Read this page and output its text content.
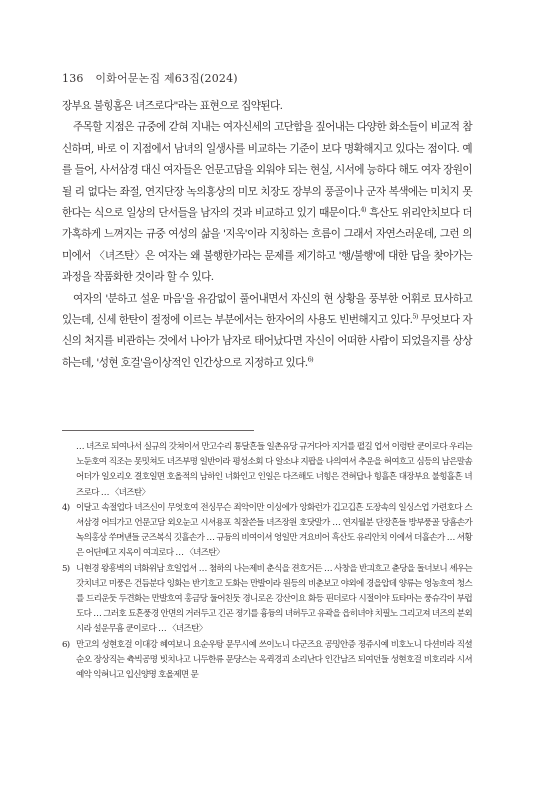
136 이화어문논집 제63집(2024)

장부요 불힝홈은 녀즈로다"라는 표현으로 집약된다.

주목할 지점은 규중에 갇혀 지내는 여자신세의 고단함을 짚어내는 다양한 화소들이 비교적 참신하며, 바로 이 지점에서 남녀의 일생사를 비교하는 기준이 보다 명확해지고 있다는 점이다. 예를 들어, 사서삼경 대신 여자들은 언문고담을 외워야 되는 현실, 시서에 능하다 해도 여자 장원이 될 리 없다는 좌절, 연지단장 녹의홍상의 미모 치장도 장부의 풍골이나 군자 복색에는 미치지 못한다는 식으로 일상의 단서들을 남자의 것과 비교하고 있기 때문이다.$^{4)}$ 흑산도 위리안치보다 더 가혹하게 느껴지는 규중 여성의 삶을 '지옥'이라 지칭하는 흐름이 그래서 자연스러운데, 그런 의미에서 〈녀즈탄〉은 여자는 왜 불행한가라는 문제를 제기하고 '행/불행'에 대한 답을 찾아가는 과정을 작품화한 것이라 할 수 있다.

여자의 '분하고 설운 마음'을 유감없이 풀어내면서 자신의 현 상황을 풍부한 어휘로 묘사하고 있는데, 신세 한탄이 절정에 이르는 부분에서는 한자어의 사용도 빈번해지고 있다.$^{5)}$ 무엇보다 자신의 처지를 비관하는 것에서 나아가 남자로 태어났다면 자신이 어떠한 사람이 되었을지를 상상하는데, '성현 호걸'을이상적인 인간상으로 지정하고 있다.$^{6)}$

… 녀즈로 되여나서 실규의 갓쳐이셔 만고수리 통달흔들 일촌유당 규거다아 지거를 펼길 업셔 이렁탄 쿤이로다 우리는 노둔호여 직조는 못밋쳐도 녀즈부명 일반이라 평성소회 다 알소냐 지팝을 나의여셔 추운을 혀여흐고 심등의 남은말솜 어더가 일오리오 결호일면 호올적의 남하인 너화인고 인일은 다즈해도 너힝은 견혀답나 힝흘흔 대장부요 불힝흘흔 녀즈로다 … 〈녀즈탄〉
4) 이달고 속절업다 녀즈신이 무엇호여 전싱무슨 죄악이만 이싱에가 앙화런가 깁고깁흔 도장속의 일싱스업 가련호다 스셔삼경 어듸가고 언문고담 외오눈고 시셔용포 칙잘쓴들 녀즈장원 호닷말가 … 연지월분 단장흔들 방부풍골 당흠손가 녹의홍상 쑤며낸들 군즈복식 깃흘손가 … 규듕의 비여이셔 엉일만 겨요비어 흑산도 유리안치 이에셔 더흘손가 … 셔황은 어딘메고 지옥이 여긔로다 … 〈녀즈탄〉
5) 니현경 왕흥벽의 녀화위남 흐일업셔 … 쳠하의 나는제비 춘식을 젼흐거든 … 사창을 반긔흐고 츈당을 돌너보니 셰우는 갓치녀고 미풍은 건듬분다 잉화는 반기흐고 도화는 만발이라 원등의 비춘보고 야외에 경을압데 양류는 엉농흐여 청스를 드리운둣 두견화는 만발흐여 홍금당 둘어친둣 경니로온 강산이요 화등 핀더로다 시절이야 됴타마는 풍슈각이 부럽도다 … 그러호 됴흔풍경 안면의 거러두고 긴곤 졍기를 흉듕의 녀허두고 유곽을 읍히녀야 치필노 그리고져 녀즈의 분외시라 설운무흠 쿤이로다 … 〈녀즈탄〉
6) 만고의 성현호걸 이대강 혜여보니 요순우탕 문무시예 쓰이노니 다군즈요 공밍안증 졍쥬시예 비호노니 다션비라 직셜순오 장상직는 츅빅공명 빗치나고 니두한류 문댱스는 옥퀵경괴 소리난다 인간남즈 되여던들 성현호걸 비호리라 시셔예악 익혀니고 입신양명 호올제면 문
